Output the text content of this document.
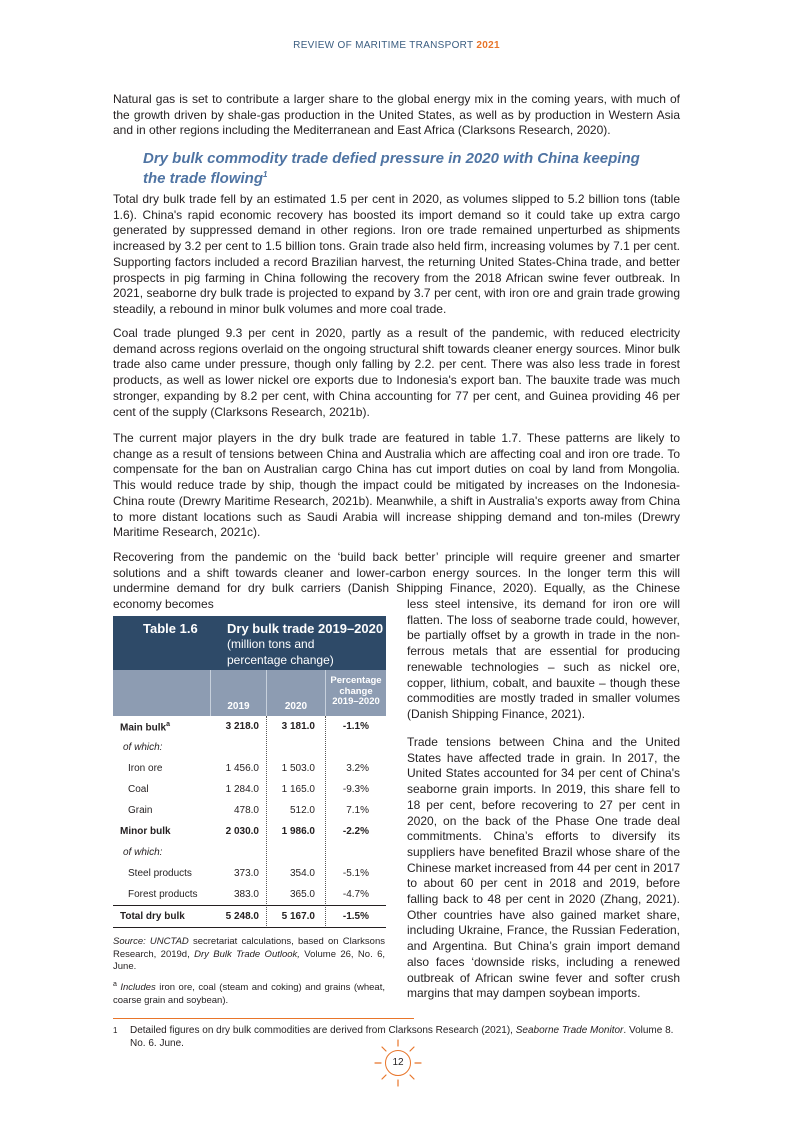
REVIEW OF MARITIME TRANSPORT 2021

Natural gas is set to contribute a larger share to the global energy mix in the coming years, with much of the growth driven by shale-gas production in the United States, as well as by production in Western Asia and in other regions including the Mediterranean and East Africa (Clarksons Research, 2020).

Dry bulk commodity trade defied pressure in 2020 with China keeping the trade flowing$^1$

Total dry bulk trade fell by an estimated 1.5 per cent in 2020, as volumes slipped to 5.2 billion tons (table 1.6). China's rapid economic recovery has boosted its import demand so it could take up extra cargo generated by suppressed demand in other regions. Iron ore trade remained unperturbed as shipments increased by 3.2 per cent to 1.5 billion tons. Grain trade also held firm, increasing volumes by 7.1 per cent. Supporting factors included a record Brazilian harvest, the returning United States-China trade, and better prospects in pig farming in China following the recovery from the 2018 African swine fever outbreak. In 2021, seaborne dry bulk trade is projected to expand by 3.7 per cent, with iron ore and grain trade growing steadily, a rebound in minor bulk volumes and more coal trade.

Coal trade plunged 9.3 per cent in 2020, partly as a result of the pandemic, with reduced electricity demand across regions overlaid on the ongoing structural shift towards cleaner energy sources. Minor bulk trade also came under pressure, though only falling by 2.2. per cent. There was also less trade in forest products, as well as lower nickel ore exports due to Indonesia's export ban. The bauxite trade was much stronger, expanding by 8.2 per cent, with China accounting for 77 per cent, and Guinea providing 46 per cent of the supply (Clarksons Research, 2021b).

The current major players in the dry bulk trade are featured in table 1.7. These patterns are likely to change as a result of tensions between China and Australia which are affecting coal and iron ore trade. To compensate for the ban on Australian cargo China has cut import duties on coal by land from Mongolia. This would reduce trade by ship, though the impact could be mitigated by increases on the Indonesia-China route (Drewry Maritime Research, 2021b). Meanwhile, a shift in Australia's exports away from China to more distant locations such as Saudi Arabia will increase shipping demand and ton-miles (Drewry Maritime Research, 2021c).

Recovering from the pandemic on the ‘build back better’ principle will require greener and smarter solutions and a shift towards cleaner and lower-carbon energy sources. In the longer term this will undermine demand for dry bulk carriers (Danish Shipping Finance, 2020). Equally, as the Chinese economy becomes	less steel intensive, its demand for iron ore will flatten. The loss of seaborne trade could, however, be partially offset by a growth in trade in the non-ferrous metals that are essential for producing renewable technologies – such as nickel ore, copper, lithium, cobalt, and bauxite – though these commodities are mostly traded in smaller volumes (Danish Shipping Finance, 2021).

Trade tensions between China and the United States have affected trade in grain. In 2017, the United States accounted for 34 per cent of China's seaborne grain imports. In 2019, this share fell to 18 per cent, before recovering to 27 per cent in 2020, on the back of the Phase One trade deal commitments. China’s efforts to diversify its suppliers have benefited Brazil whose share of the Chinese market increased from 44 per cent in 2017 to about 60 per cent in 2018 and 2019, before falling back to 48 per cent in 2020 (Zhang, 2021). Other countries have also gained market share, including Ukraine, France, the Russian Federation, and Argentina. But China’s grain import demand also faces ‘downside risks, including a renewed outbreak of African swine fever and softer crush margins that may dampen soybean imports.

Table 1.6 Dry bulk trade 2019–2020
(million tons and
percentage change)
2019	2020
Percentage
change
2019–2020
Main bulk$^a$	3 218.0	3 181.0	-1.1%
of which:
Iron ore	1 456.0	1 503.0	3.2%
Coal	1 284.0	1 165.0	-9.3%
Grain	478.0	512.0	7.1%
Minor bulk	2 030.0	1 986.0	-2.2%
of which:
Steel products	373.0	354.0	-5.1%
Forest products	383.0	365.0	-4.7%
Total dry bulk	5 248.0	5 167.0	-1.5%

Source: UNCTAD secretariat calculations, based on Clarksons Research, 2019d, Dry Bulk Trade Outlook, Volume 26, No. 6, June.

$^a$ Includes iron ore, coal (steam and coking) and grains (wheat, coarse grain and soybean).

1 Detailed figures on dry bulk commodities are derived from Clarksons Research (2021), Seaborne Trade Monitor. Volume 8. No. 6. June.
12
